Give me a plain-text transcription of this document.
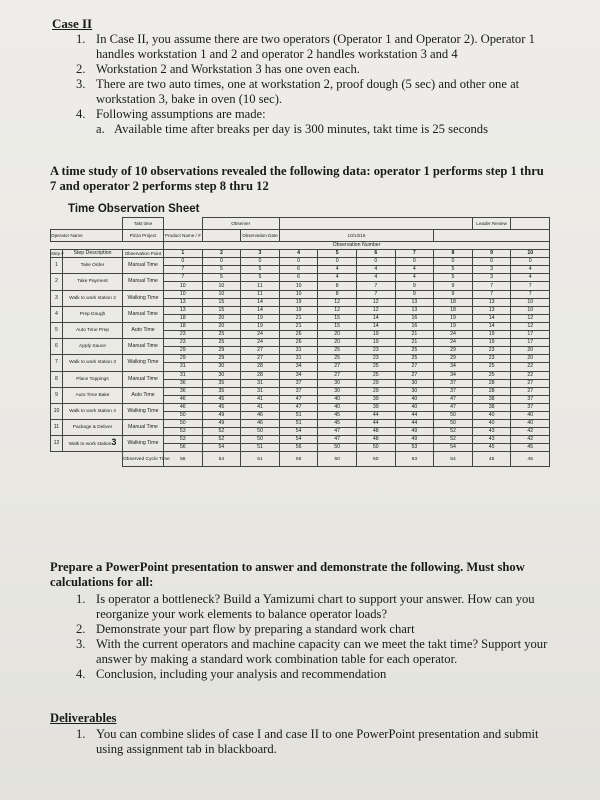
Case II
1. In Case II, you assume there are two operators (Operator 1 and Operator 2). Operator 1 handles workstation 1 and 2 and operator 2 handles workstation 3 and 4
2. Workstation 2 and Workstation 3 has one oven each.
3. There are two auto times, one at workstation 2, proof dough (5 sec) and other one at workstation 3, bake in oven (10 sec).
4. Following assumptions are made:
a. Available time after breaks per day is 300 minutes, takt time is 25 seconds
A time study of 10 observations revealed the following data: operator 1 performs step 1 thru 7 and operator 2 performs step 8 thru 12
Time Observation Sheet
		Takt time		Observer							Leader Review	
Operator Name		Pizza Project	Product Name / #		Observation Date	10/13/16						
			Observation Number									
Step #	Step Description	Observation Point	1	2	3	4	5	6	7	8	9	10
1	Take Order	Manual Time	0	0	0	0	0	0	0	0	0	0
			7	5	5	6	4	4	4	5	3	4
2	Take Payment	Manual Time	7	5	5	6	4	4	4	5	3	4
			10	10	11	10	8	7	9	9	7	7
3	Walk to work station 2	Walking Time	10	10	11	10	8	7	9	9	7	7
			13	15	14	19	12	12	13	18	13	10
4	Prep Dough	Manual Time	13	15	14	19	12	12	13	18	13	10
			18	20	19	21	15	14	16	19	14	12
5	Auto Time Prep	Auto Time	18	20	19	21	15	14	16	19	14	12
			23	25	24	26	20	19	21	24	19	17
6	Apply Sauce	Manual Time	23	25	24	26	20	19	21	24	19	17
			29	29	27	31	25	23	25	29	23	20
7	Walk to work station 3	Walking Time	29	29	27	31	25	23	25	29	23	20
			31	30	28	34	27	25	27	34	25	22
8	Place Toppings	Manual Time	31	30	28	34	27	25	27	34	25	22
			36	35	31	37	30	29	30	37	28	27
9	Auto Time Bake	Auto Time	36	35	31	37	30	29	30	37	28	27
			46	45	41	47	40	39	40	47	38	37
10	Walk to work station 4	Walking Time	46	45	41	47	40	39	40	47	38	37
			50	49	46	51	45	44	44	50	40	40
11	Package & Deliver	Manual Time	50	49	46	51	45	44	44	50	40	40
			53	52	50	54	47	48	49	52	43	42
12	Walk to work station3	Walking Time	53	52	50	54	47	48	49	52	43	42
			56	54	51	56	50	50	53	54	45	45
		Observed Cycle Time	56	54	51	56	50	50	53	54	45	45
Prepare a PowerPoint presentation to answer and demonstrate the following. Must show calculations for all:
1. Is operator a bottleneck? Build a Yamizumi chart to support your answer. How can you reorganize your work elements to balance operator loads?
2. Demonstrate your part flow by preparing a standard work chart
3. With the current operators and machine capacity can we meet the takt time? Support your answer by making a standard work combination table for each operator.
4. Conclusion, including your analysis and recommendation
Deliverables
1. You can combine slides of case I and case II to one PowerPoint presentation and submit using assignment tab in blackboard.
